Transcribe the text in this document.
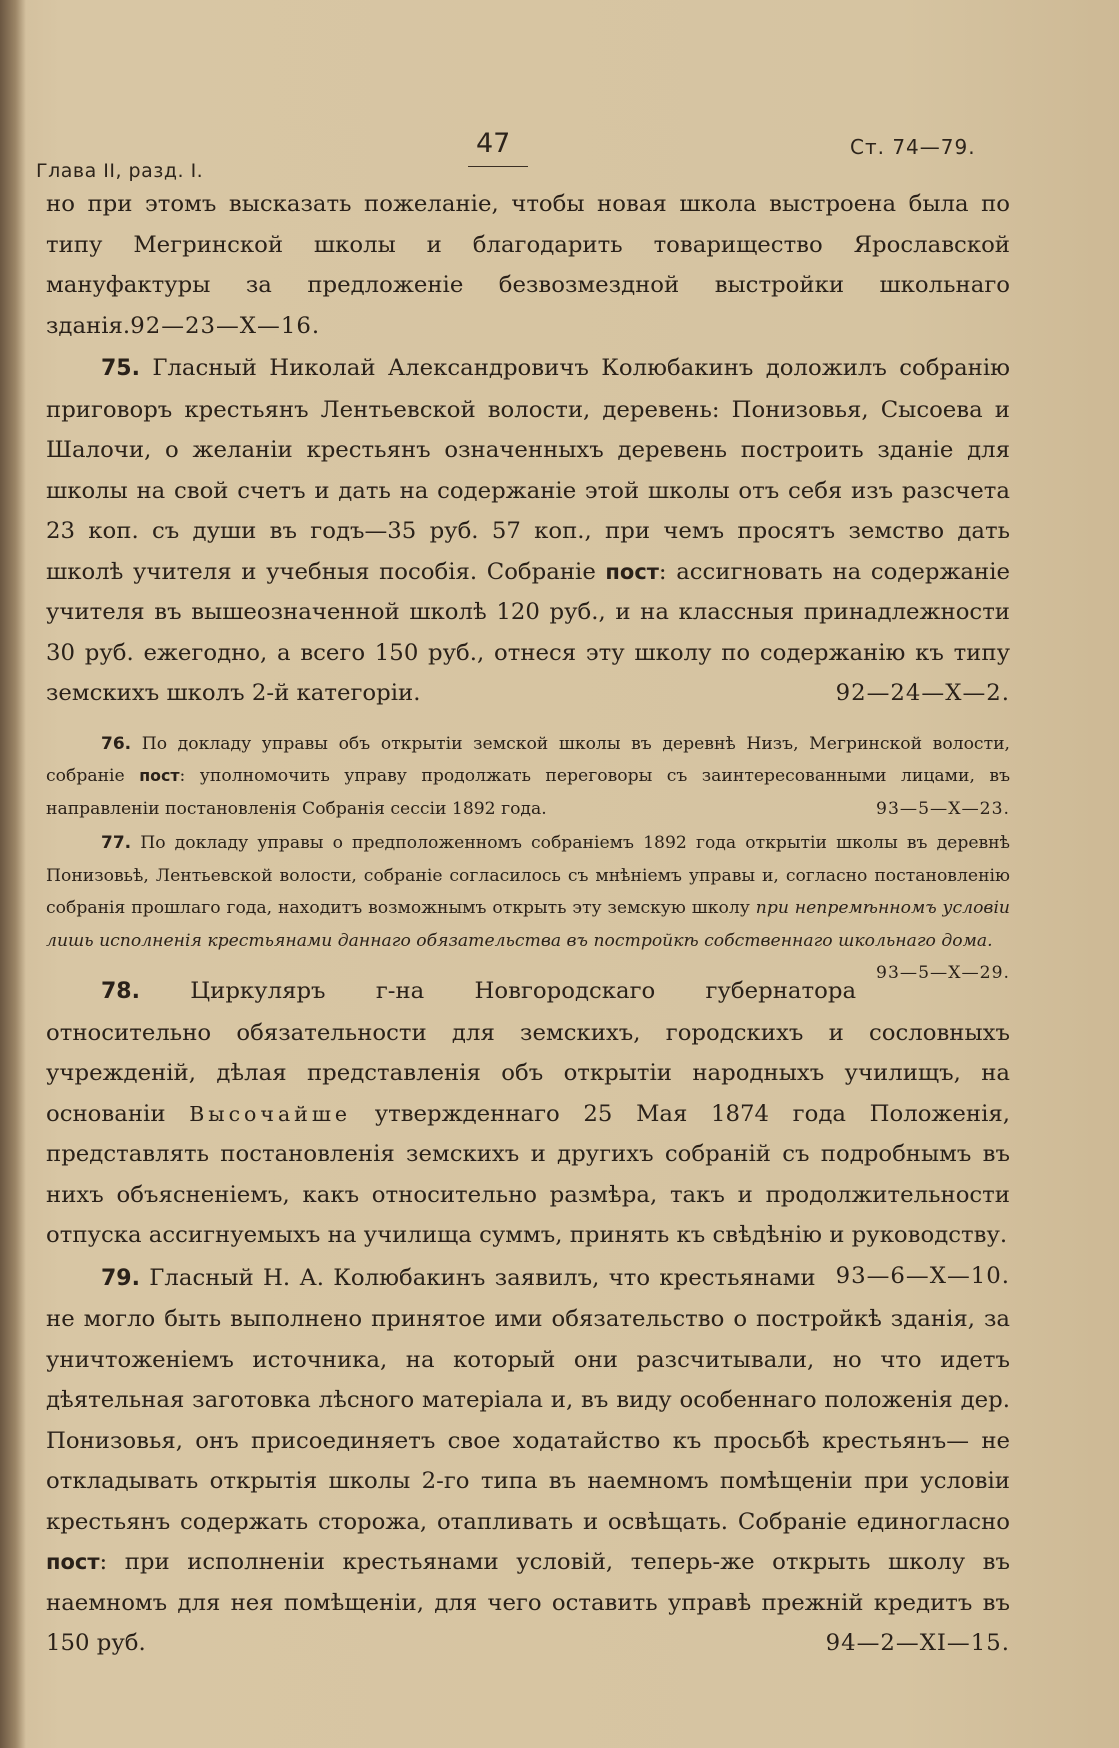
Глава II, разд. I.
47	Ст. 74—79.

но при этомъ высказать пожеланіе, чтобы новая школа выстроена была по типу Мегринской школы и благодарить товарищество Ярославской мануфактуры за предложеніе безвозмездной выстройки школьнаго зданія.92—23—X—16.

75. Гласный Николай Александровичъ Колюбакинъ доложилъ собранію приговоръ крестьянъ Лентьевской волости, деревень: Понизовья, Сысоева и Шалочи, о желаніи крестьянъ означенныхъ деревень построить зданіе для школы на свой счетъ и дать на содержаніе этой школы отъ себя изъ разсчета 23 коп. съ души въ годъ—35 руб. 57 коп., при чемъ просятъ земство дать школѣ учителя и учебныя пособія. Собраніе пост: ассигновать на содержаніе учителя въ вышеозначенной школѣ 120 руб., и на классныя принадлежности 30 руб. ежегодно, а всего 150 руб., отнеся эту школу по содержанію къ типу земскихъ школъ 2-й категоріи.	92—24—X—2.

76. По докладу управы объ открытіи земской школы въ деревнѣ Низъ, Мегринской волости, собраніе пост: уполномочить управу продолжать переговоры съ заинтересованными лицами, въ направленіи постановленія Собранія сессіи 1892 года.	93—5—X—23.

77. По докладу управы о предположенномъ собраніемъ 1892 года открытіи школы въ деревнѣ Понизовьѣ, Лентьевской волости, собраніе согласилось съ мнѣніемъ управы и, согласно постановленію собранія прошлаго года, находитъ возможнымъ открыть эту земскую школу при непремѣнномъ условіи лишь исполненія крестьянами даннаго обязательства въ постройкѣ собственнаго школьнаго дома.
93—5—X—29.

78. Циркуляръ г-на Новгородскаго губернатора относительно обязательности для земскихъ, городскихъ и сословныхъ учрежденій, дѣлая представленія объ открытіи народныхъ училищъ, на основаніи Высочайше утвержденнаго 25 Мая 1874 года Положенія, представлять постановленія земскихъ и другихъ собраній съ подробнымъ въ нихъ объясненіемъ, какъ относительно размѣра, такъ и продолжительности отпуска ассигнуемыхъ на училища суммъ, принять къ свѣдѣнію и руководству.
93—6—X—10.

79. Гласный Н. А. Колюбакинъ заявилъ, что крестьянами не могло быть выполнено принятое ими обязательство о постройкѣ зданія, за уничтоженіемъ источника, на который они разсчитывали, но что идетъ дѣятельная заготовка лѣсного матеріала и, въ виду особеннаго положенія дер. Понизовья, онъ присоединяетъ свое ходатайство къ просьбѣ крестьянъ— не откладывать открытія школы 2-го типа въ наемномъ помѣщеніи при условіи крестьянъ содержать сторожа, отапливать и освѣщать. Собраніе единогласно пост: при исполненіи крестьянами условій, теперь-же открыть школу въ наемномъ для нея помѣщеніи, для чего оставить управѣ прежній кредитъ въ 150 руб.	94—2—XI—15.
